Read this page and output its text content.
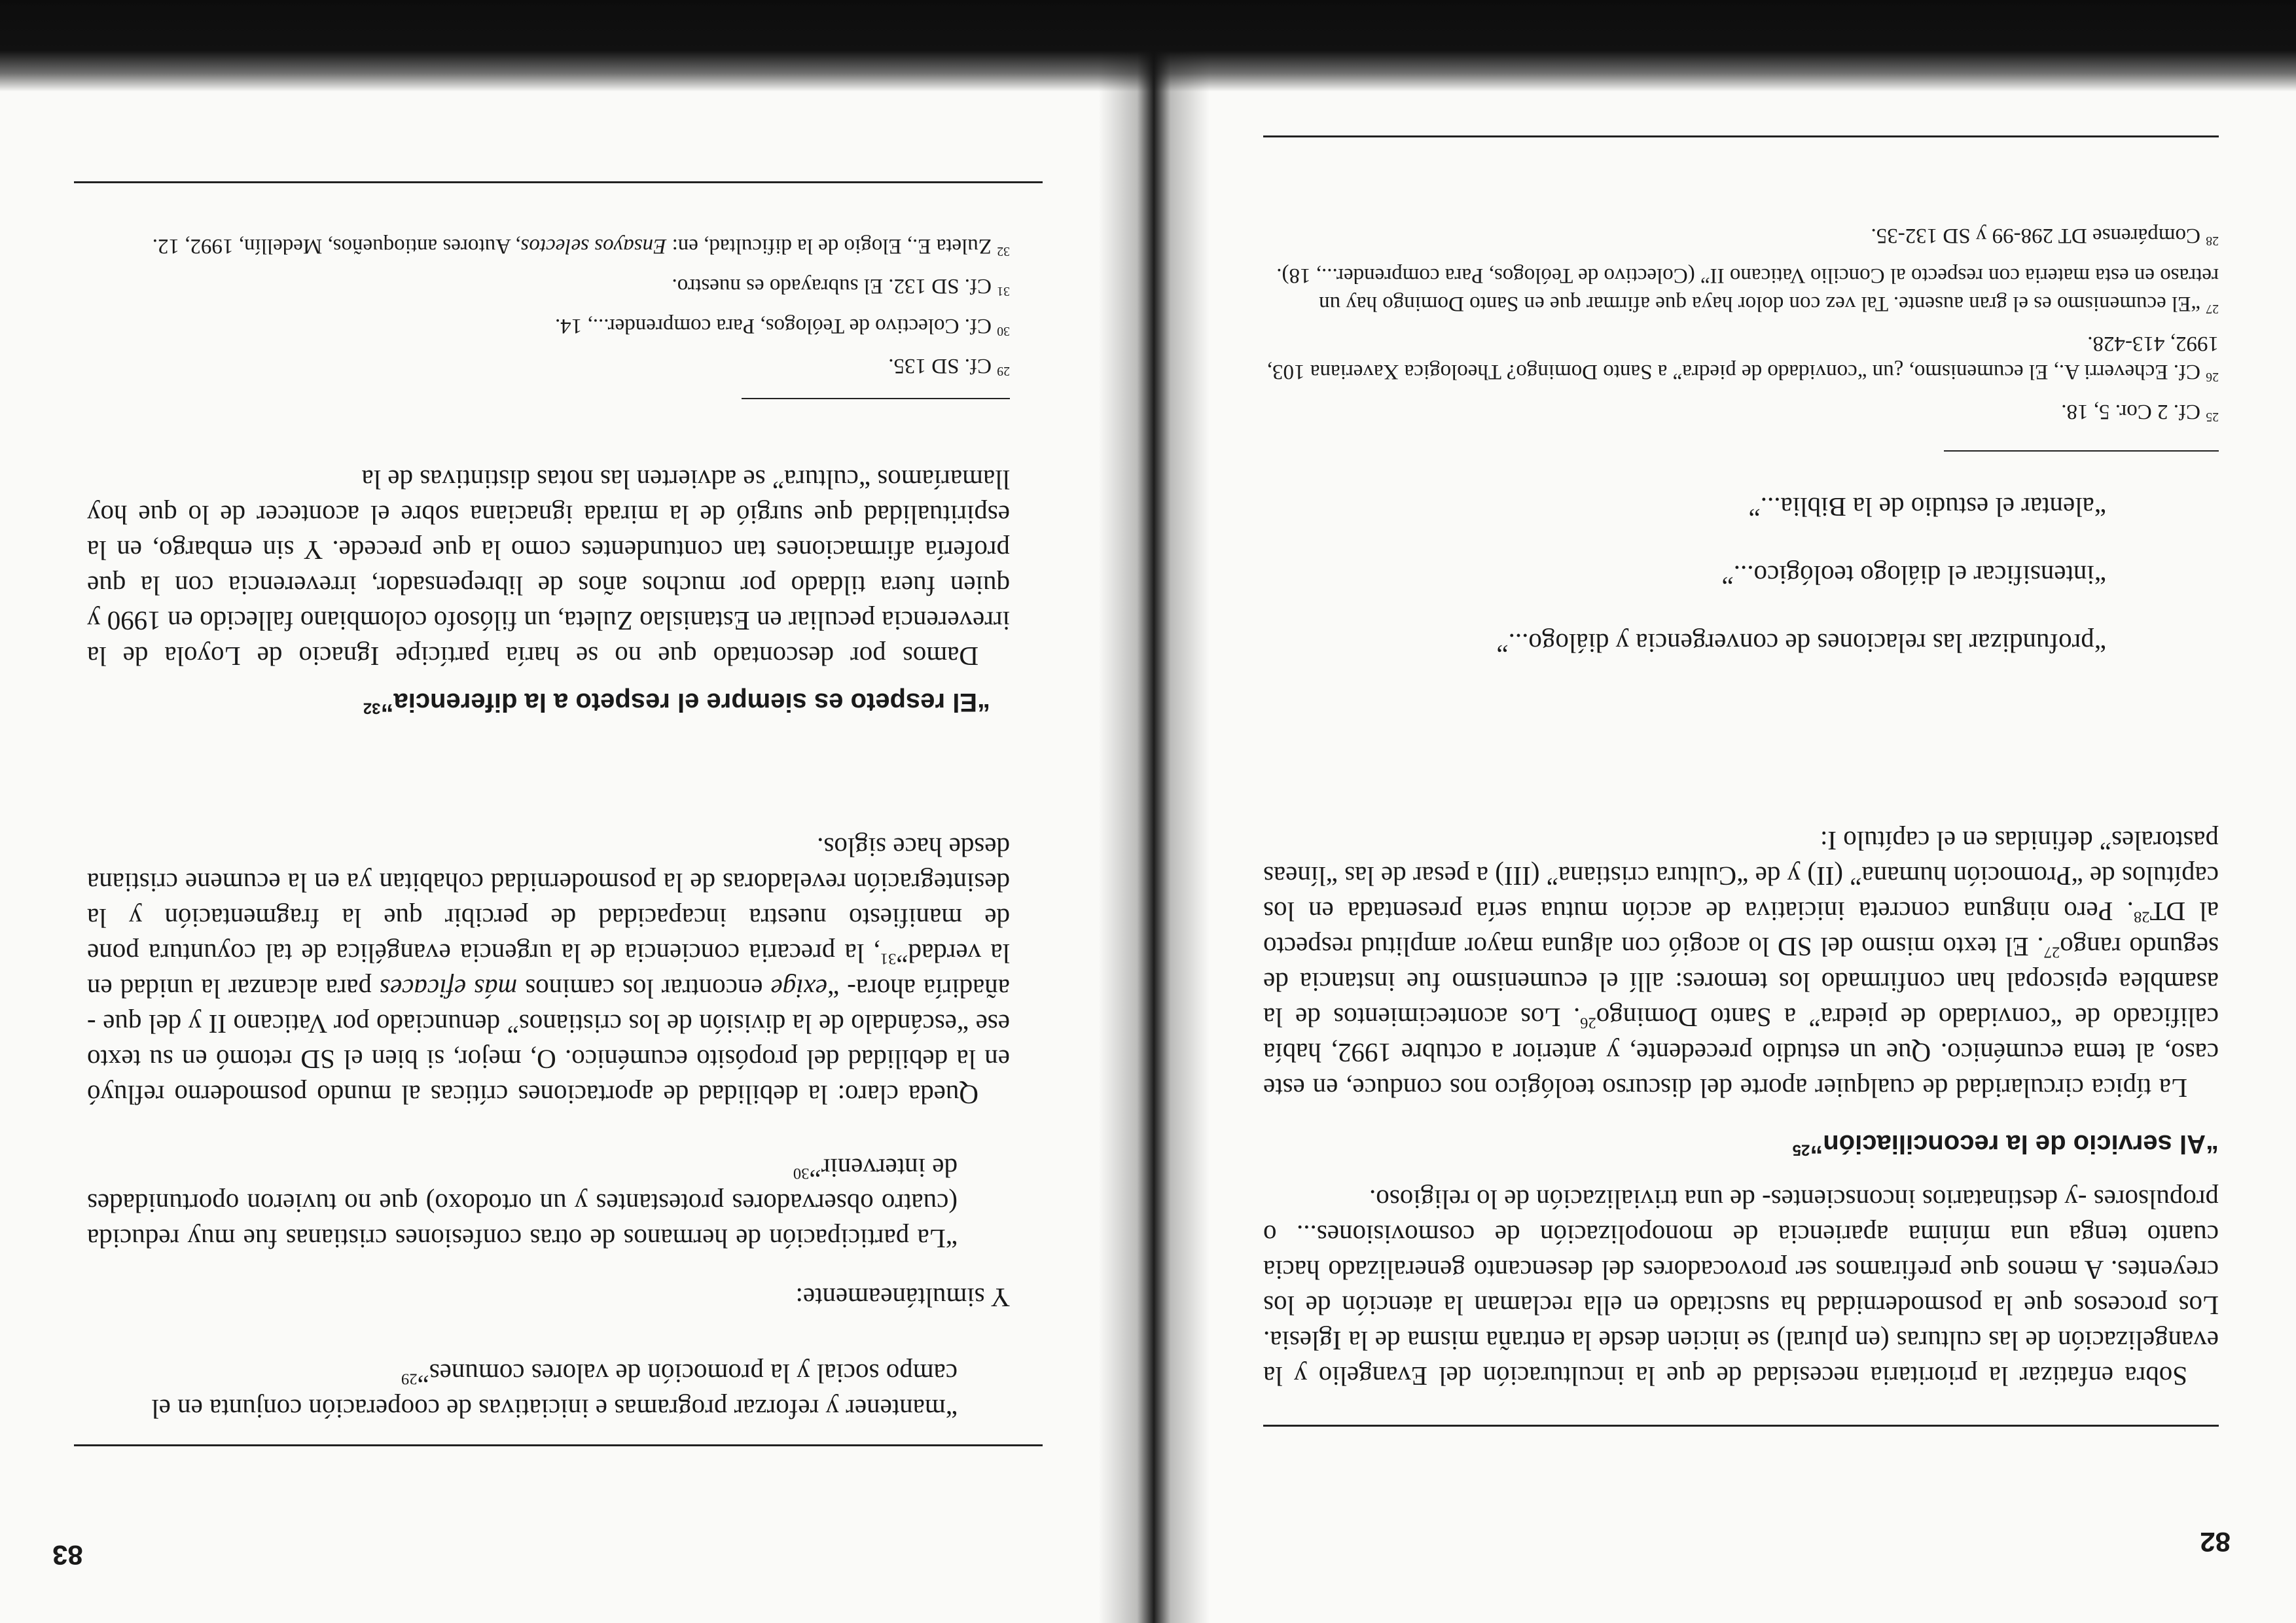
82

Sobra enfatizar la prioritaria necesidad de que la inculturación del Evangelio y la evangelización de las culturas (en plural) se inicien desde la entraña misma de la Iglesia. Los procesos que la posmodernidad ha suscitado en ella reclaman la atención de los creyentes. A menos que prefiramos ser provocadores del desencanto generalizado hacia cuanto tenga una mínima apariencia de monopolización de cosmovisiones... o propulsores -y destinatarios inconscientes- de una trivialización de lo religioso.

“Al servicio de la reconciliación”$^{25}$

La típica circularidad de cualquier aporte del discurso teológico nos conduce, en este caso, al tema ecuménico. Que un estudio precedente, y anterior a octubre 1992, había calificado de “convidado de piedra” a Santo Domingo$^{26}$. Los acontecimientos de la asamblea episcopal han confirmado los temores: allí el ecumenismo fue instancia de segundo rango$^{27}$. El texto mismo del SD lo acogió con alguna mayor amplitud respecto al DT$^{28}$. Pero ninguna concreta iniciativa de acción mutua sería presentada en los capítulos de “Promoción humana” (II) y de “Cultura cristiana” (III) a pesar de las “líneas pastorales” definidas en el capítulo I:

“profundizar las relaciones de convergencia y diálogo...”

“intensificar el diálogo teológico...”

“alentar el estudio de la Biblia...”

$^{25}$ Cf. 2 Cor. 5, 18.

$^{26}$ Cf. Echeverri A., El ecumenismo, ¿un “convidado de piedra” a Santo Domingo? Theologica Xaveriana 103, 1992, 413-428.

$^{27}$ “El ecumenismo es el gran ausente. Tal vez con dolor haya que afirmar que en Santo Domingo hay un retraso en esta materia con respecto al Concilio Vaticano II” (Colectivo de Teólogos, Para comprender..., 18).

$^{28}$ Compárense DT 298-99 y SD 132-35.

83

“mantener y reforzar programas e iniciativas de cooperación conjunta en el campo social y la promoción de valores comunes”$^{29}$

Y simultáneamente:

“La participación de hermanos de otras confesiones cristianas fue muy reducida (cuatro observadores protestantes y un ortodoxo) que no tuvieron oportunidades de intervenir”$^{30}$

Queda claro: la debilidad de aportaciones críticas al mundo posmoderno refluyó en la debilidad del propósito ecuménico. O, mejor, si bien el SD retomó en su texto ese “escándalo de la división de los cristianos” denunciado por Vaticano II y del que -añadiría ahora- “exige encontrar los caminos más eficaces para alcanzar la unidad en la verdad”$^{31}$, la precaria conciencia de la urgencia evangélica de tal coyuntura pone de manifiesto nuestra incapacidad de percibir que la fragmentación y la desintegración reveladoras de la posmodernidad cohabitan ya en la ecumene cristiana desde hace siglos.

“El respeto es siempre el respeto a la diferencia”$^{32}$

Damos por descontado que no se haría partícipe Ignacio de Loyola de la irreverencia peculiar en Estanislao Zuleta, un filósofo colombiano fallecido en 1990 y quien fuera tildado por muchos años de librepensador, irreverencia con la que profería afirmaciones tan contundentes como la que precede. Y sin embargo, en la espiritualidad que surgió de la mirada ignaciana sobre el acontecer de lo que hoy llamaríamos “cultura” se advierten las notas distintivas de la

$^{29}$ Cf. SD 135.

$^{30}$ Cf. Colectivo de Teólogos, Para comprender..., 14.

$^{31}$ Cf. SD 132. El subrayado es nuestro.

$^{32}$ Zuleta E., Elogio de la dificultad, en: Ensayos selectos, Autores antioqueños, Medellín, 1992, 12.
